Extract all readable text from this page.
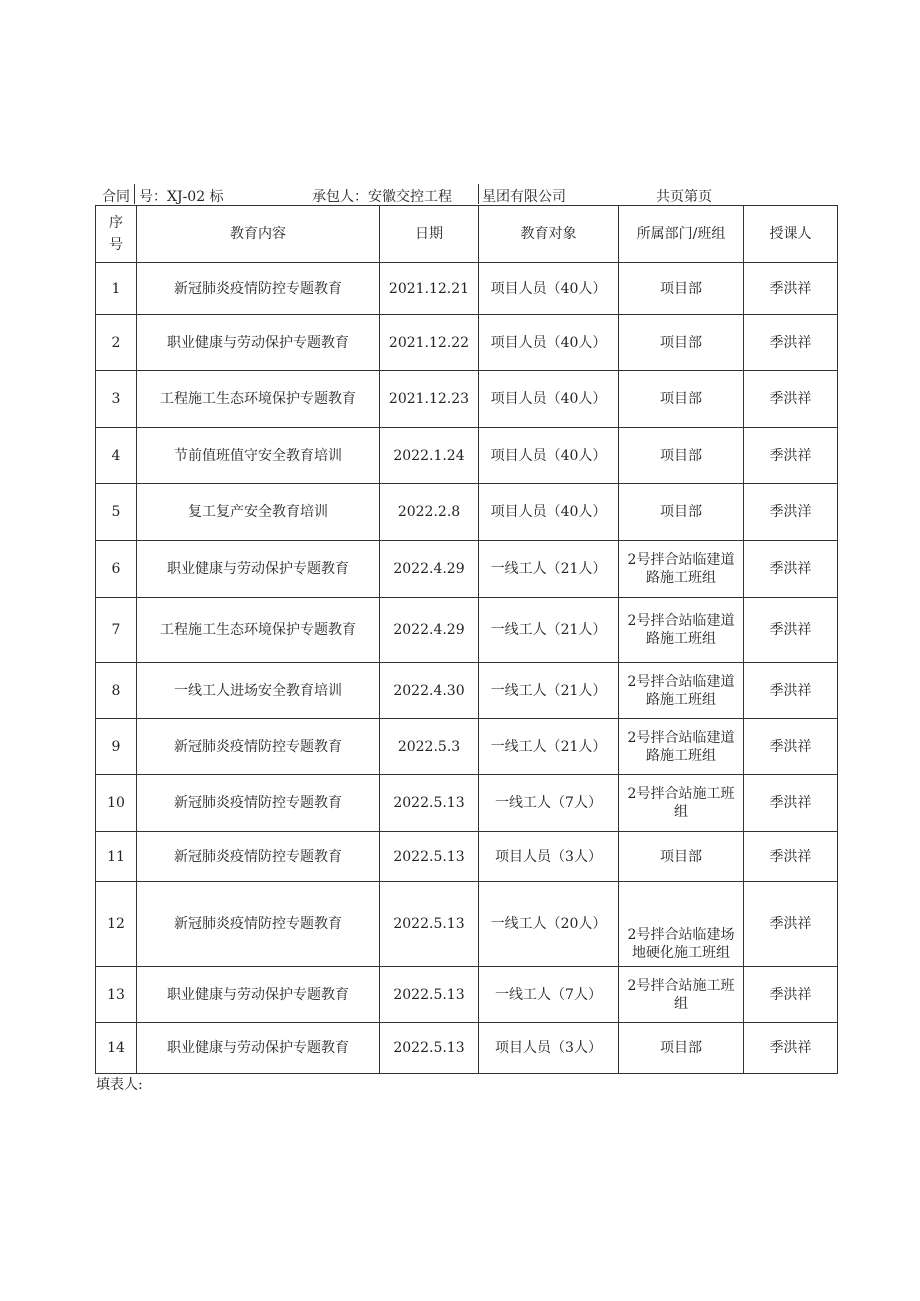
合同 号：XJ-02 标	承包人：安徽交控工程 星团有限公司	共页第页
序号	教育内容	日期	教育对象	所属部门/班组	授课人
1	新冠肺炎疫情防控专题教育	2021.12.21	项目人员（40人）	项目部	季洪祥
2	职业健康与劳动保护专题教育	2021.12.22	项目人员（40人）	项目部	季洪祥
3	工程施工生态环境保护专题教育	2021.12.23	项目人员（40人）	项目部	季洪祥
4	节前值班值守安全教育培训	2022.1.24	项目人员（40人）	项目部	季洪祥
5	复工复产安全教育培训	2022.2.8	项目人员（40人）	项目部	季洪洋
6	职业健康与劳动保护专题教育	2022.4.29	一线工人（21人）	2号拌合站临建道路施工班组	季洪祥
7	工程施工生态环境保护专题教育	2022.4.29	一线工人（21人）	2号拌合站临建道路施工班组	季洪祥
8	一线工人进场安全教育培训	2022.4.30	一线工人（21人）	2号拌合站临建道路施工班组	季洪祥
9	新冠肺炎疫情防控专题教育	2022.5.3	一线工人（21人）	2号拌合站临建道路施工班组	季洪祥
10	新冠肺炎疫情防控专题教育	2022.5.13	一线工人（7人）	2号拌合站施工班组	季洪祥
11	新冠肺炎疫情防控专题教育	2022.5.13	项目人员（3人）	项目部	季洪祥
12	新冠肺炎疫情防控专题教育	2022.5.13	一线工人（20人）	2号拌合站临建场地硬化施工班组	季洪祥
13	职业健康与劳动保护专题教育	2022.5.13	一线工人（7人）	2号拌合站施工班组	季洪祥
14	职业健康与劳动保护专题教育	2022.5.13	项目人员（3人）	项目部	季洪祥
填表人:
